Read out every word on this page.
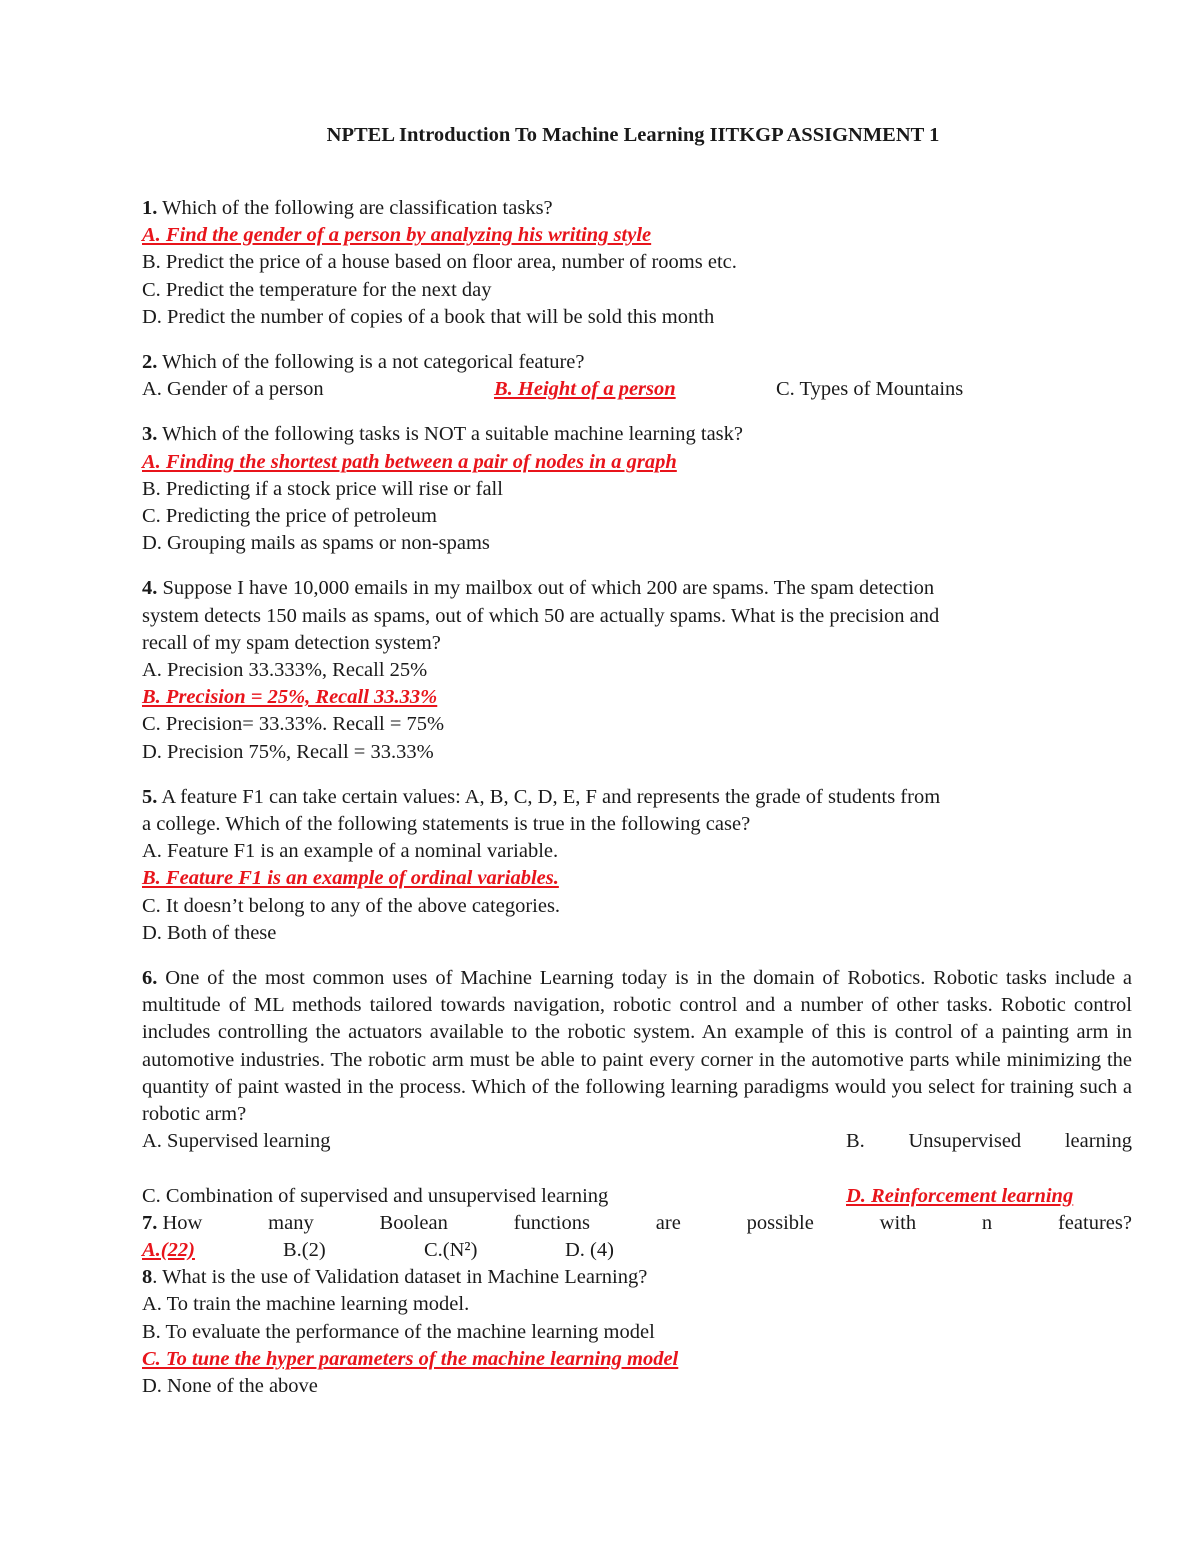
NPTEL Introduction To Machine Learning IITKGP ASSIGNMENT 1
1. Which of the following are classification tasks?
A. Find the gender of a person by analyzing his writing style
B. Predict the price of a house based on floor area, number of rooms etc.
C. Predict the temperature for the next day
D. Predict the number of copies of a book that will be sold this month
2. Which of the following is a not categorical feature?
A. Gender of a person	B. Height of a person	C. Types of Mountains
3. Which of the following tasks is NOT a suitable machine learning task?
A. Finding the shortest path between a pair of nodes in a graph
B. Predicting if a stock price will rise or fall
C. Predicting the price of petroleum
D. Grouping mails as spams or non-spams
4. Suppose I have 10,000 emails in my mailbox out of which 200 are spams. The spam detection
system detects 150 mails as spams, out of which 50 are actually spams. What is the precision and
recall of my spam detection system?
A. Precision 33.333%, Recall 25%
B. Precision = 25%, Recall 33.33%
C. Precision= 33.33%. Recall = 75%
D. Precision 75%, Recall = 33.33%
5. A feature F1 can take certain values: A, B, C, D, E, F and represents the grade of students from
a college. Which of the following statements is true in the following case?
A. Feature F1 is an example of a nominal variable.
B. Feature F1 is an example of ordinal variables.
C. It doesn’t belong to any of the above categories.
D. Both of these
6. One of the most common uses of Machine Learning today is in the domain of Robotics. Robotic tasks include a multitude of ML methods tailored towards navigation, robotic control and a number of other tasks. Robotic control includes controlling the actuators available to the robotic system. An example of this is control of a painting arm in automotive industries. The robotic arm must be able to paint every corner in the automotive parts while minimizing the quantity of paint wasted in the process. Which of the following learning paradigms would you select for training such a robotic arm?
A. Supervised learning	B. Unsupervised learning
C. Combination of supervised and unsupervised learning	D. Reinforcement learning
7. How	many	Boolean	functions	are	possible	with	n	features?
A.(22)	B.(2)	C.(N²)	D. (4)
8. What is the use of Validation dataset in Machine Learning?
A. To train the machine learning model.
B. To evaluate the performance of the machine learning model
C. To tune the hyper parameters of the machine learning model
D. None of the above
